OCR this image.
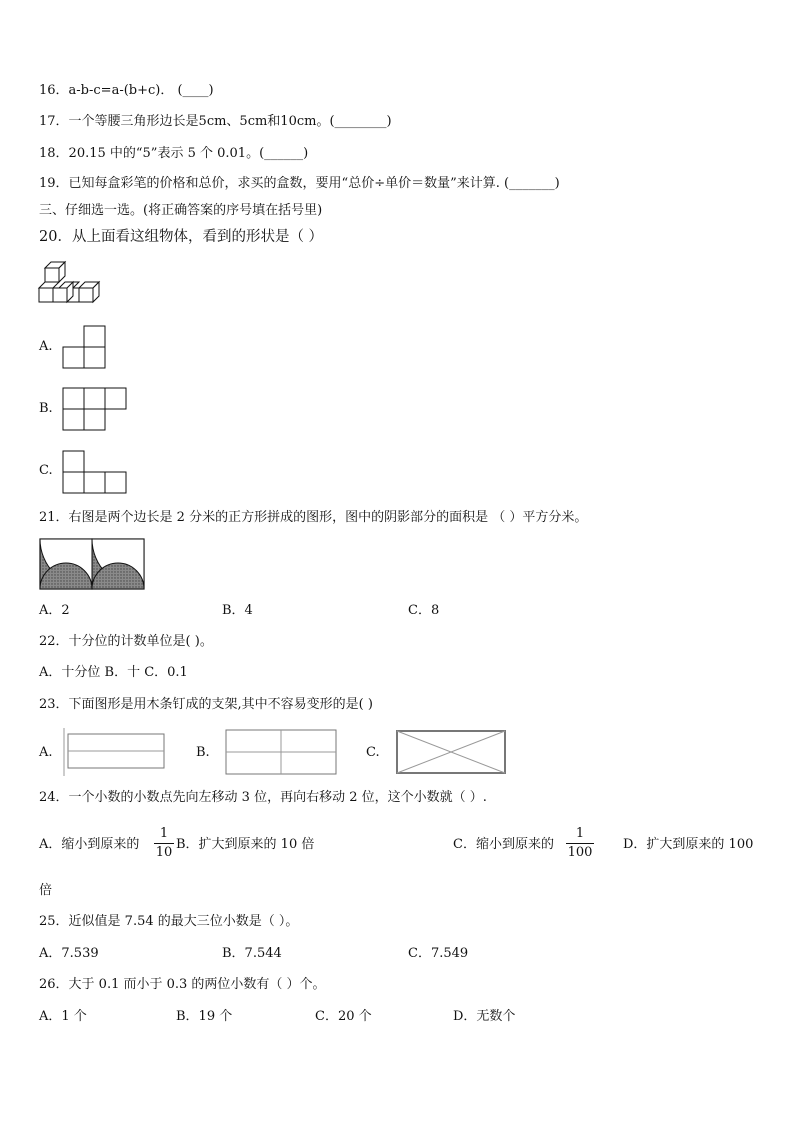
16．a-b-c=a-(b+c)． (____)
17．一个等腰三角形边长是5cm、5cm和10cm。(________)
18．20.15 中的“5”表示 5 个 0.01。(______)
19．已知每盒彩笔的价格和总价，求买的盒数，要用“总价÷单价＝数量”来计算. (_______)
三、仔细选一选。(将正确答案的序号填在括号里)
20．从上面看这组物体，看到的形状是（ ）
A.
B.
C.
21．右图是两个边长是 2 分米的正方形拼成的图形，图中的阴影部分的面积是 （ ）平方分米。
A．2	B．4	C．8
22．十分位的计数单位是( )。
A．十分位 B．十 C．0.1
23．下面图形是用木条钉成的支架,其中不容易变形的是( )
A.	B.	C.
24．一个小数的小数点先向左移动 3 位，再向右移动 2 位，这个小数就（ ）.
A．缩小到原来的
1
10
B．扩大到原来的 10 倍	C．缩小到原来的
1
100
D．扩大到原来的 100
倍
25．近似值是 7.54 的最大三位小数是（ ）。
A．7.539	B．7.544	C．7.549
26．大于 0.1 而小于 0.3 的两位小数有（ ）个。
A．1 个	B．19 个	C．20 个	D．无数个
